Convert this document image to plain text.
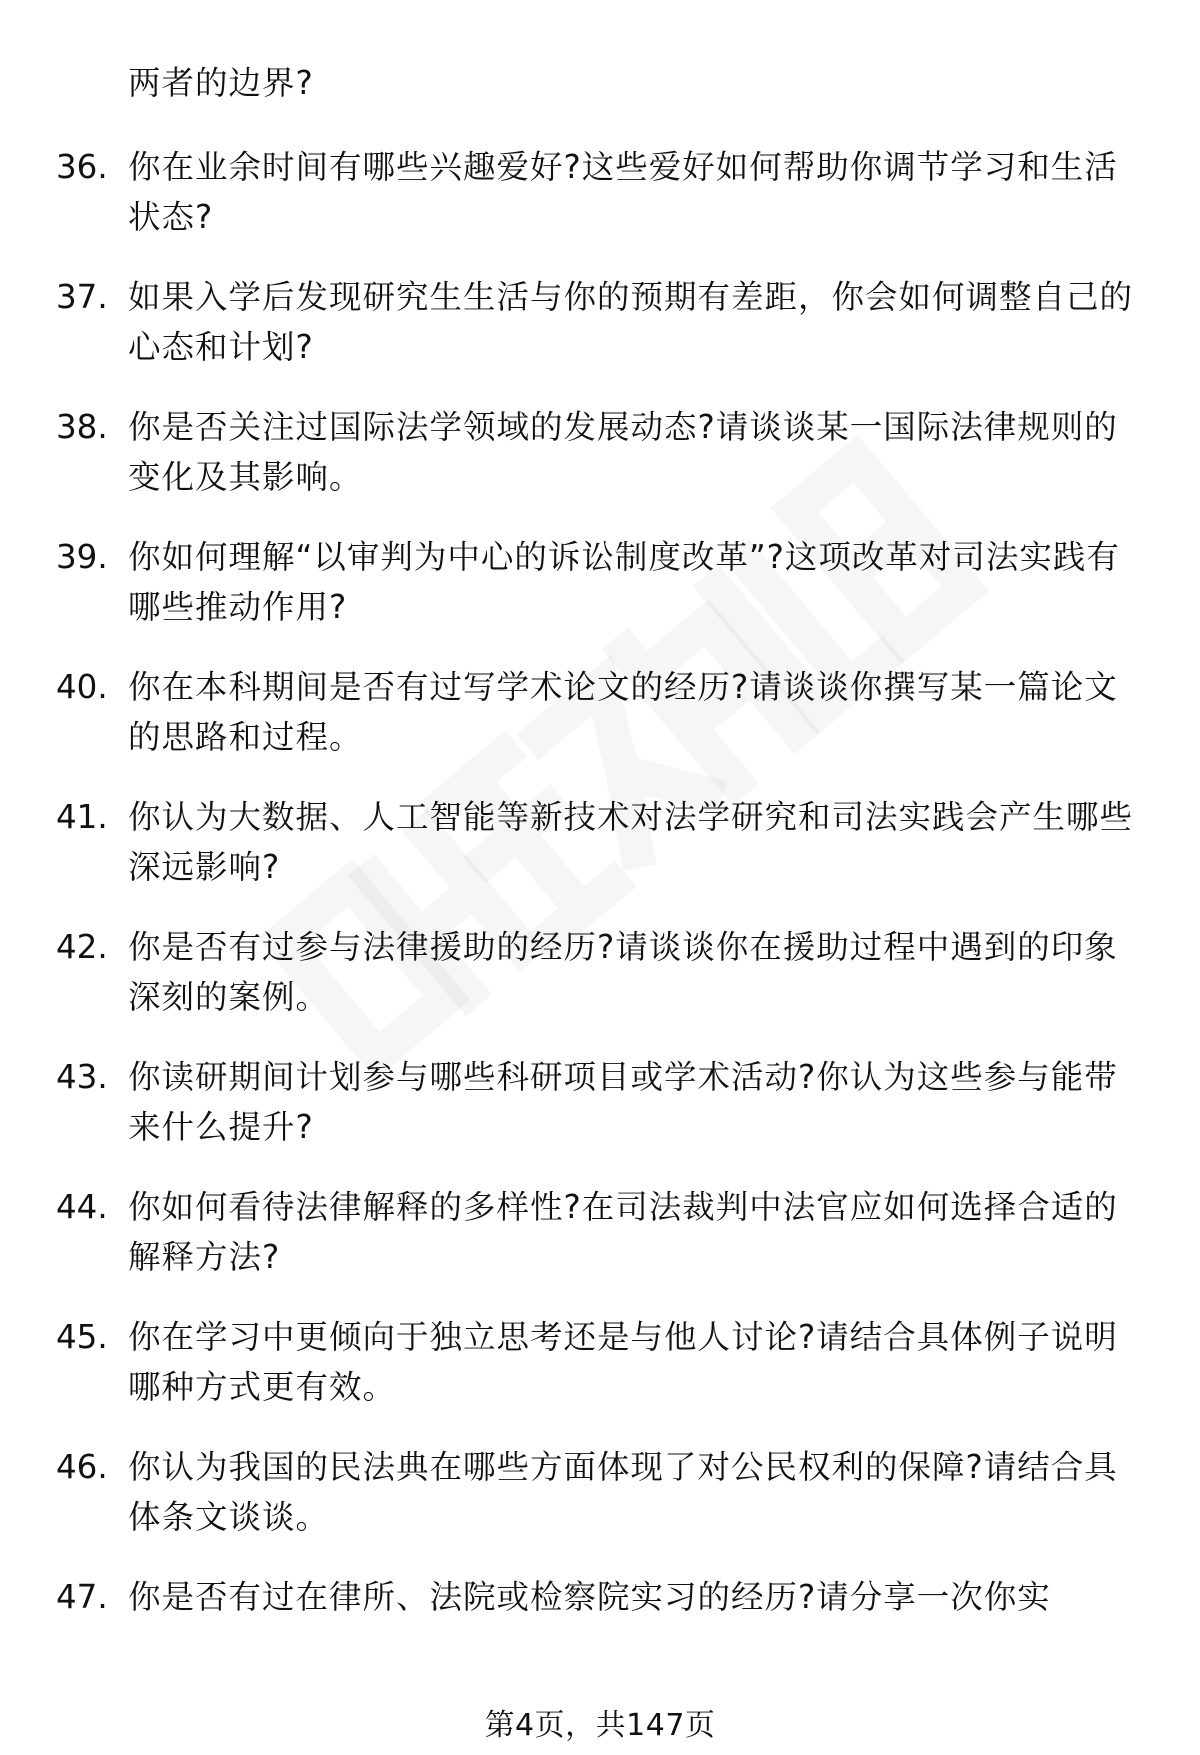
两者的边界?
36. 你在业余时间有哪些兴趣爱好?这些爱好如何帮助你调节学习和生活状态?
37. 如果入学后发现研究生生活与你的预期有差距，你会如何调整自己的心态和计划?
38. 你是否关注过国际法学领域的发展动态?请谈谈某一国际法律规则的变化及其影响。
39. 你如何理解“以审判为中心的诉讼制度改革”?这项改革对司法实践有哪些推动作用?
40. 你在本科期间是否有过写学术论文的经历?请谈谈你撰写某一篇论文的思路和过程。
41. 你认为大数据、人工智能等新技术对法学研究和司法实践会产生哪些深远影响?
42. 你是否有过参与法律援助的经历?请谈谈你在援助过程中遇到的印象深刻的案例。
43. 你读研期间计划参与哪些科研项目或学术活动?你认为这些参与能带来什么提升?
44. 你如何看待法律解释的多样性?在司法裁判中法官应如何选择合适的解释方法?
45. 你在学习中更倾向于独立思考还是与他人讨论?请结合具体例子说明哪种方式更有效。
46. 你认为我国的民法典在哪些方面体现了对公民权利的保障?请结合具体条文谈谈。
47. 你是否有过在律所、法院或检察院实习的经历?请分享一次你实
第4页，共147页
